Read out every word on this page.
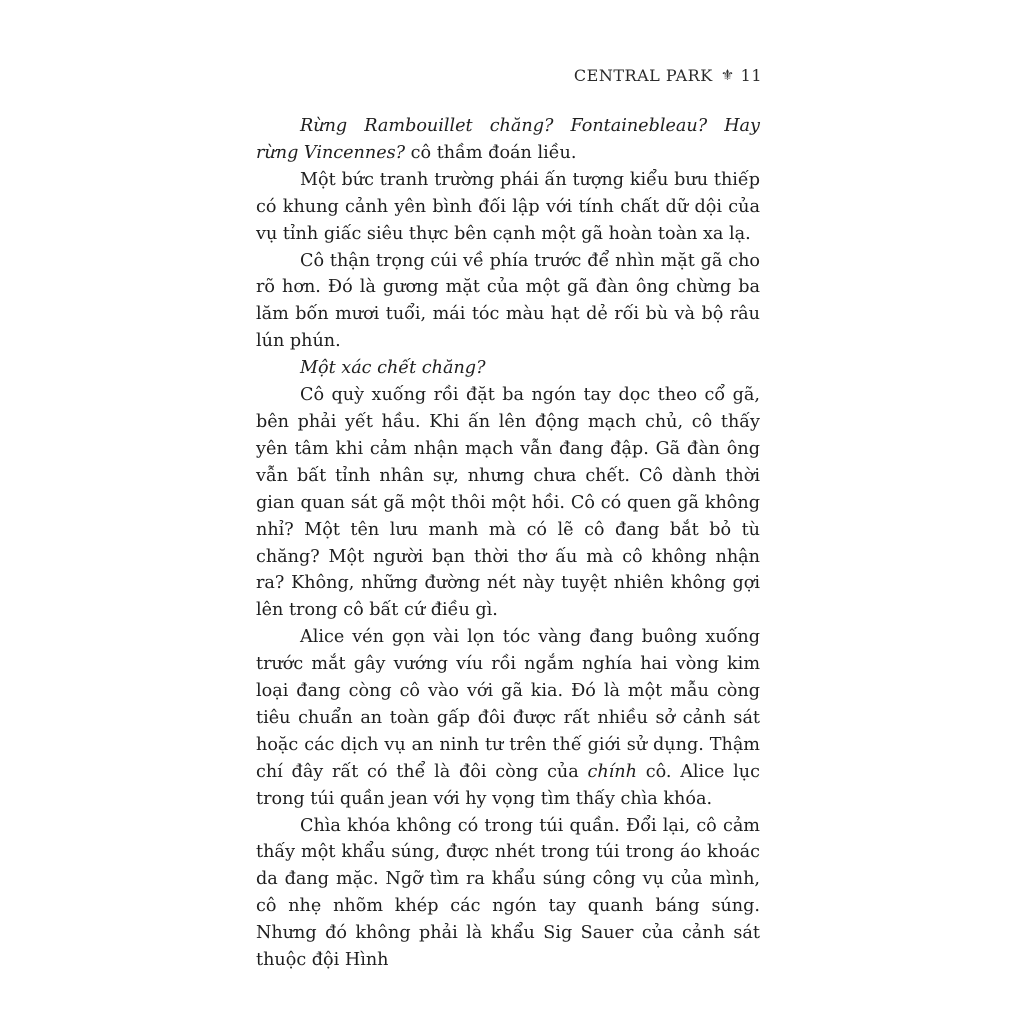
CENTRAL PARK ⚜ 11

Rừng Rambouillet chăng? Fontainebleau? Hay rừng Vincennes? cô thầm đoán liều.

Một bức tranh trường phái ấn tượng kiểu bưu thiếp có khung cảnh yên bình đối lập với tính chất dữ dội của vụ tỉnh giấc siêu thực bên cạnh một gã hoàn toàn xa lạ.

Cô thận trọng cúi về phía trước để nhìn mặt gã cho rõ hơn. Đó là gương mặt của một gã đàn ông chừng ba lăm bốn mươi tuổi, mái tóc màu hạt dẻ rối bù và bộ râu lún phún.

Một xác chết chăng?

Cô quỳ xuống rồi đặt ba ngón tay dọc theo cổ gã, bên phải yết hầu. Khi ấn lên động mạch chủ, cô thấy yên tâm khi cảm nhận mạch vẫn đang đập. Gã đàn ông vẫn bất tỉnh nhân sự, nhưng chưa chết. Cô dành thời gian quan sát gã một thôi một hồi. Cô có quen gã không nhỉ? Một tên lưu manh mà có lẽ cô đang bắt bỏ tù chăng? Một người bạn thời thơ ấu mà cô không nhận ra? Không, những đường nét này tuyệt nhiên không gợi lên trong cô bất cứ điều gì.

Alice vén gọn vài lọn tóc vàng đang buông xuống trước mắt gây vướng víu rồi ngắm nghía hai vòng kim loại đang còng cô vào với gã kia. Đó là một mẫu còng tiêu chuẩn an toàn gấp đôi được rất nhiều sở cảnh sát hoặc các dịch vụ an ninh tư trên thế giới sử dụng. Thậm chí đây rất có thể là đôi còng của chính cô. Alice lục trong túi quần jean với hy vọng tìm thấy chìa khóa.

Chìa khóa không có trong túi quần. Đổi lại, cô cảm thấy một khẩu súng, được nhét trong túi trong áo khoác da đang mặc. Ngỡ tìm ra khẩu súng công vụ của mình, cô nhẹ nhõm khép các ngón tay quanh báng súng. Nhưng đó không phải là khẩu Sig Sauer của cảnh sát thuộc đội Hình
